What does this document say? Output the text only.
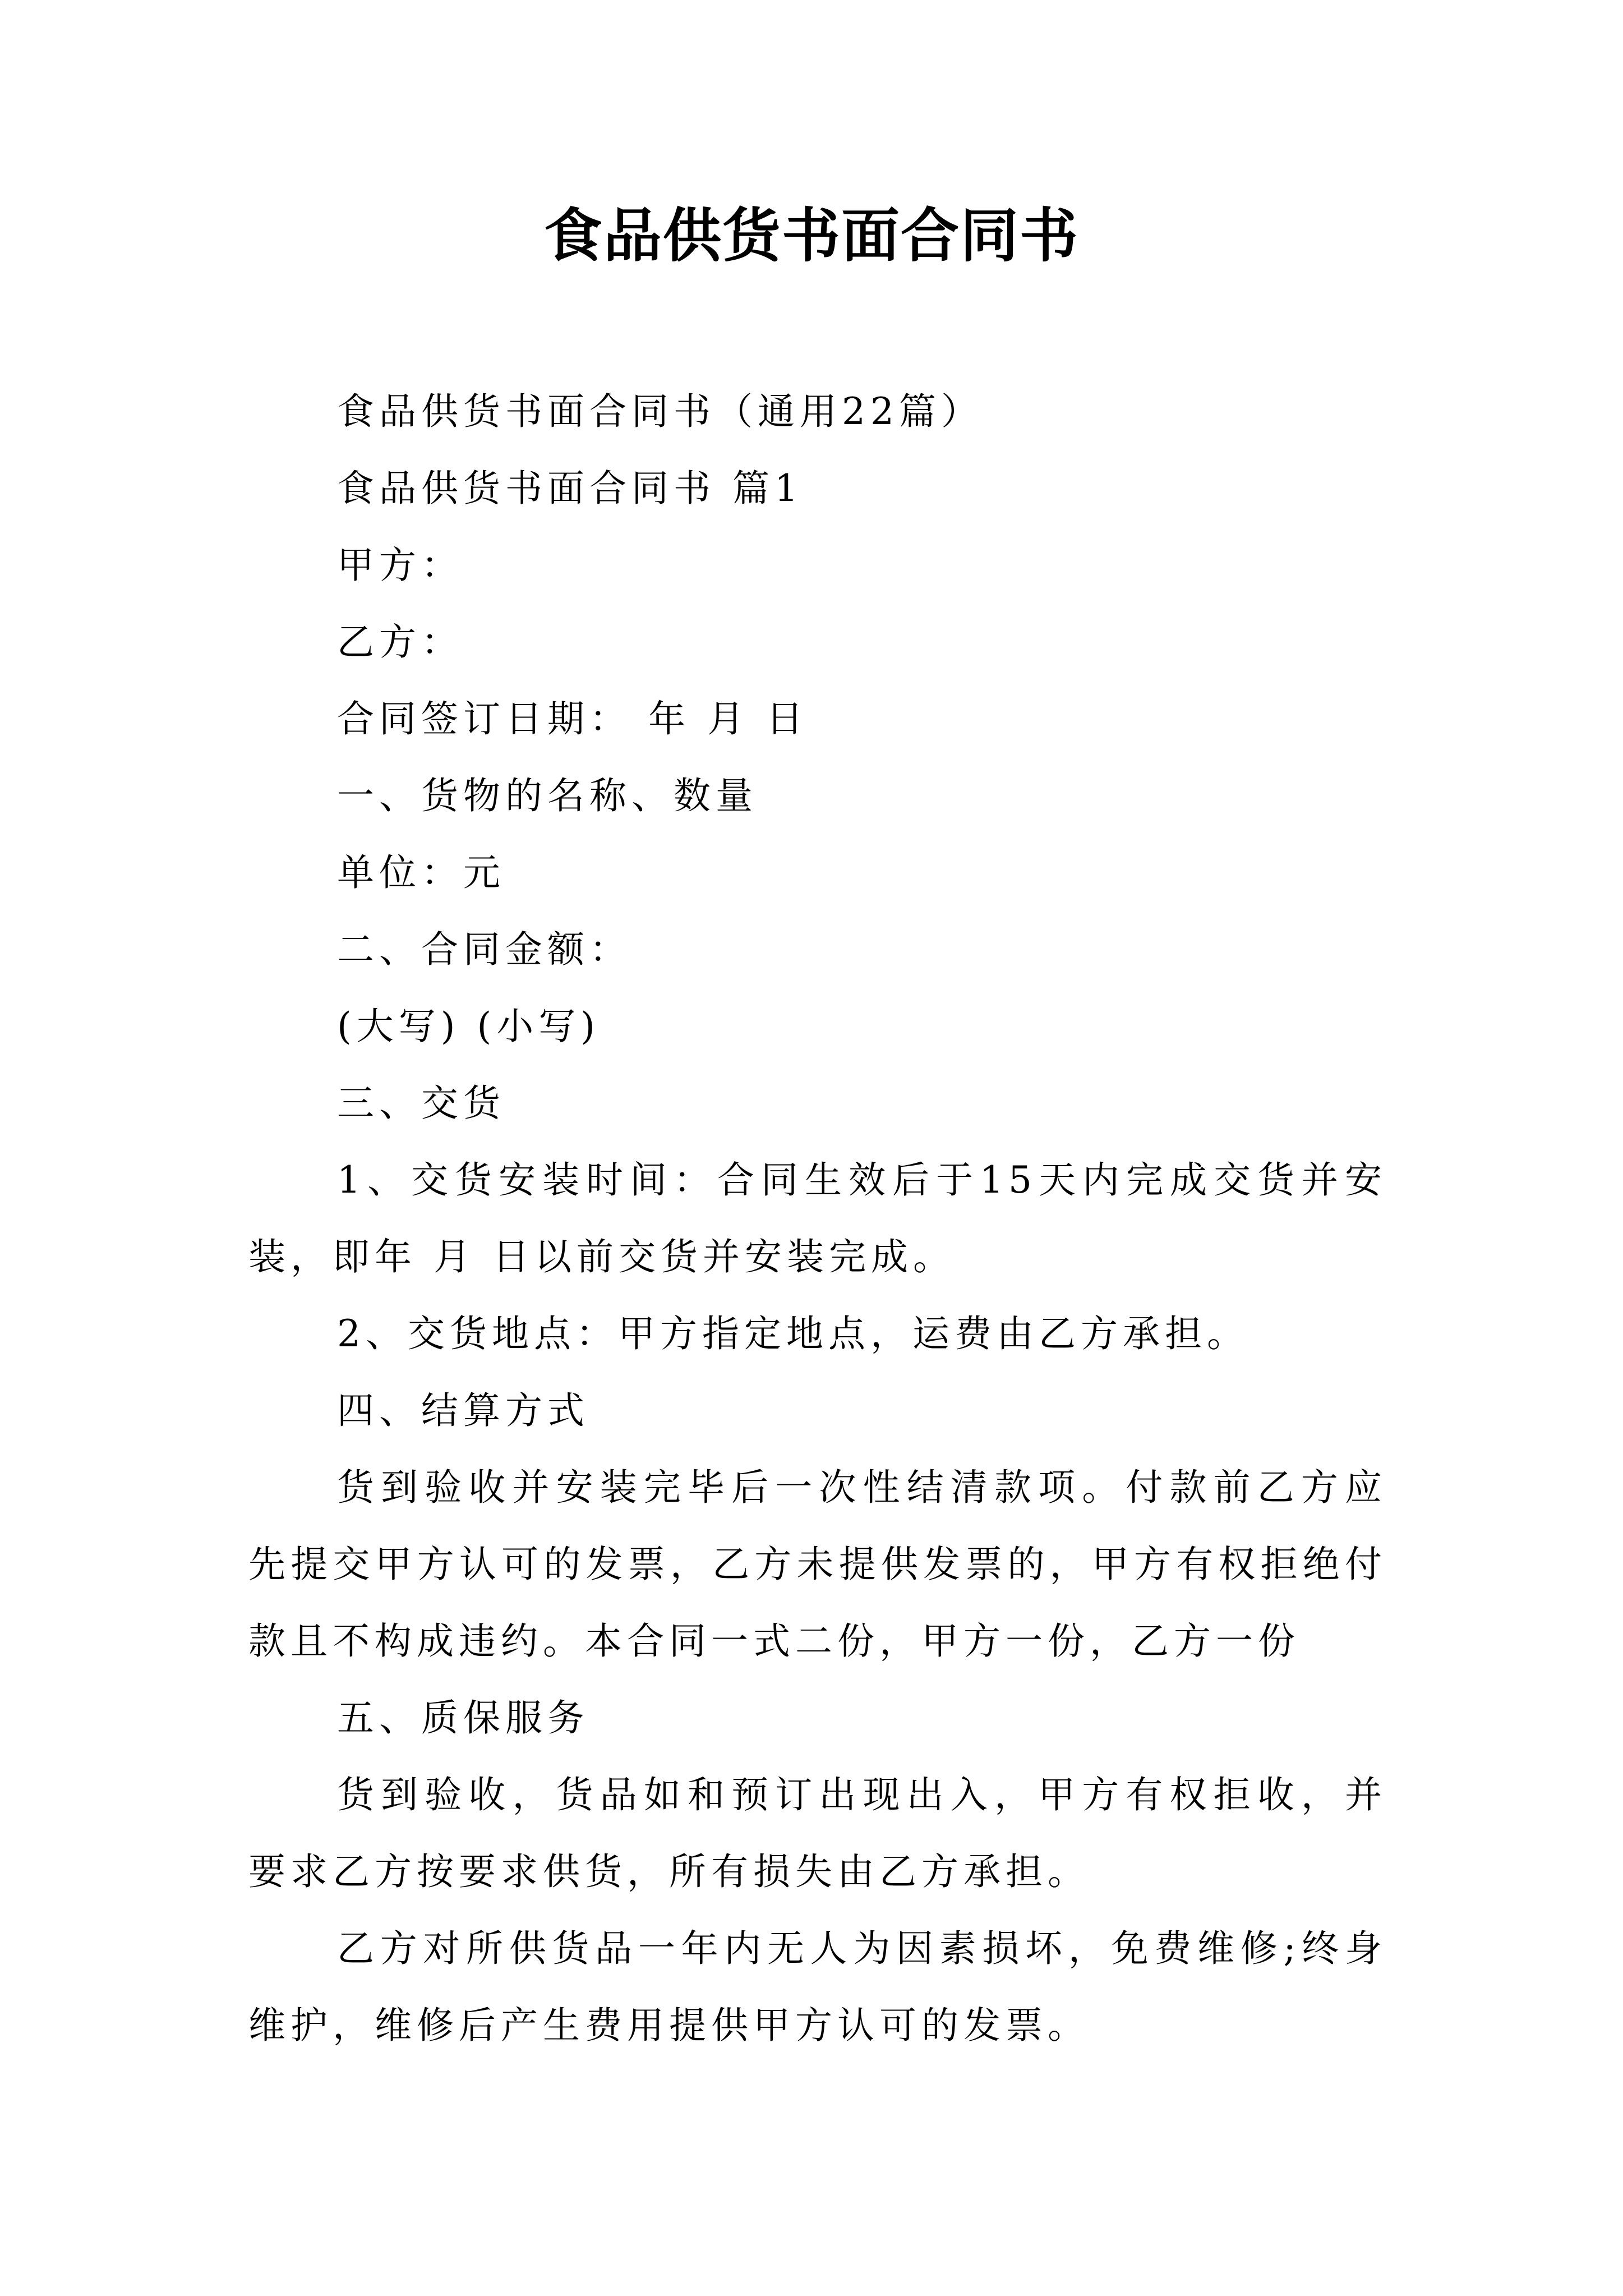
食品供货书面合同书
食品供货书面合同书（通用22篇）
食品供货书面合同书 篇1
甲方：
乙方：
合同签订日期： 年 月 日
一、货物的名称、数量
单位：元
二、合同金额：
(大写) (小写)
三、交货

1、交货安装时间：合同生效后于15天内完成交货并安装，即年 月 日以前交货并安装完成。

2、交货地点：甲方指定地点，运费由乙方承担。
四、结算方式

货到验收并安装完毕后一次性结清款项。付款前乙方应先提交甲方认可的发票，乙方未提供发票的，甲方有权拒绝付款且不构成违约。本合同一式二份，甲方一份，乙方一份

五、质保服务

货到验收，货品如和预订出现出入，甲方有权拒收，并要求乙方按要求供货，所有损失由乙方承担。

乙方对所供货品一年内无人为因素损坏，免费维修;终身维护，维修后产生费用提供甲方认可的发票。
